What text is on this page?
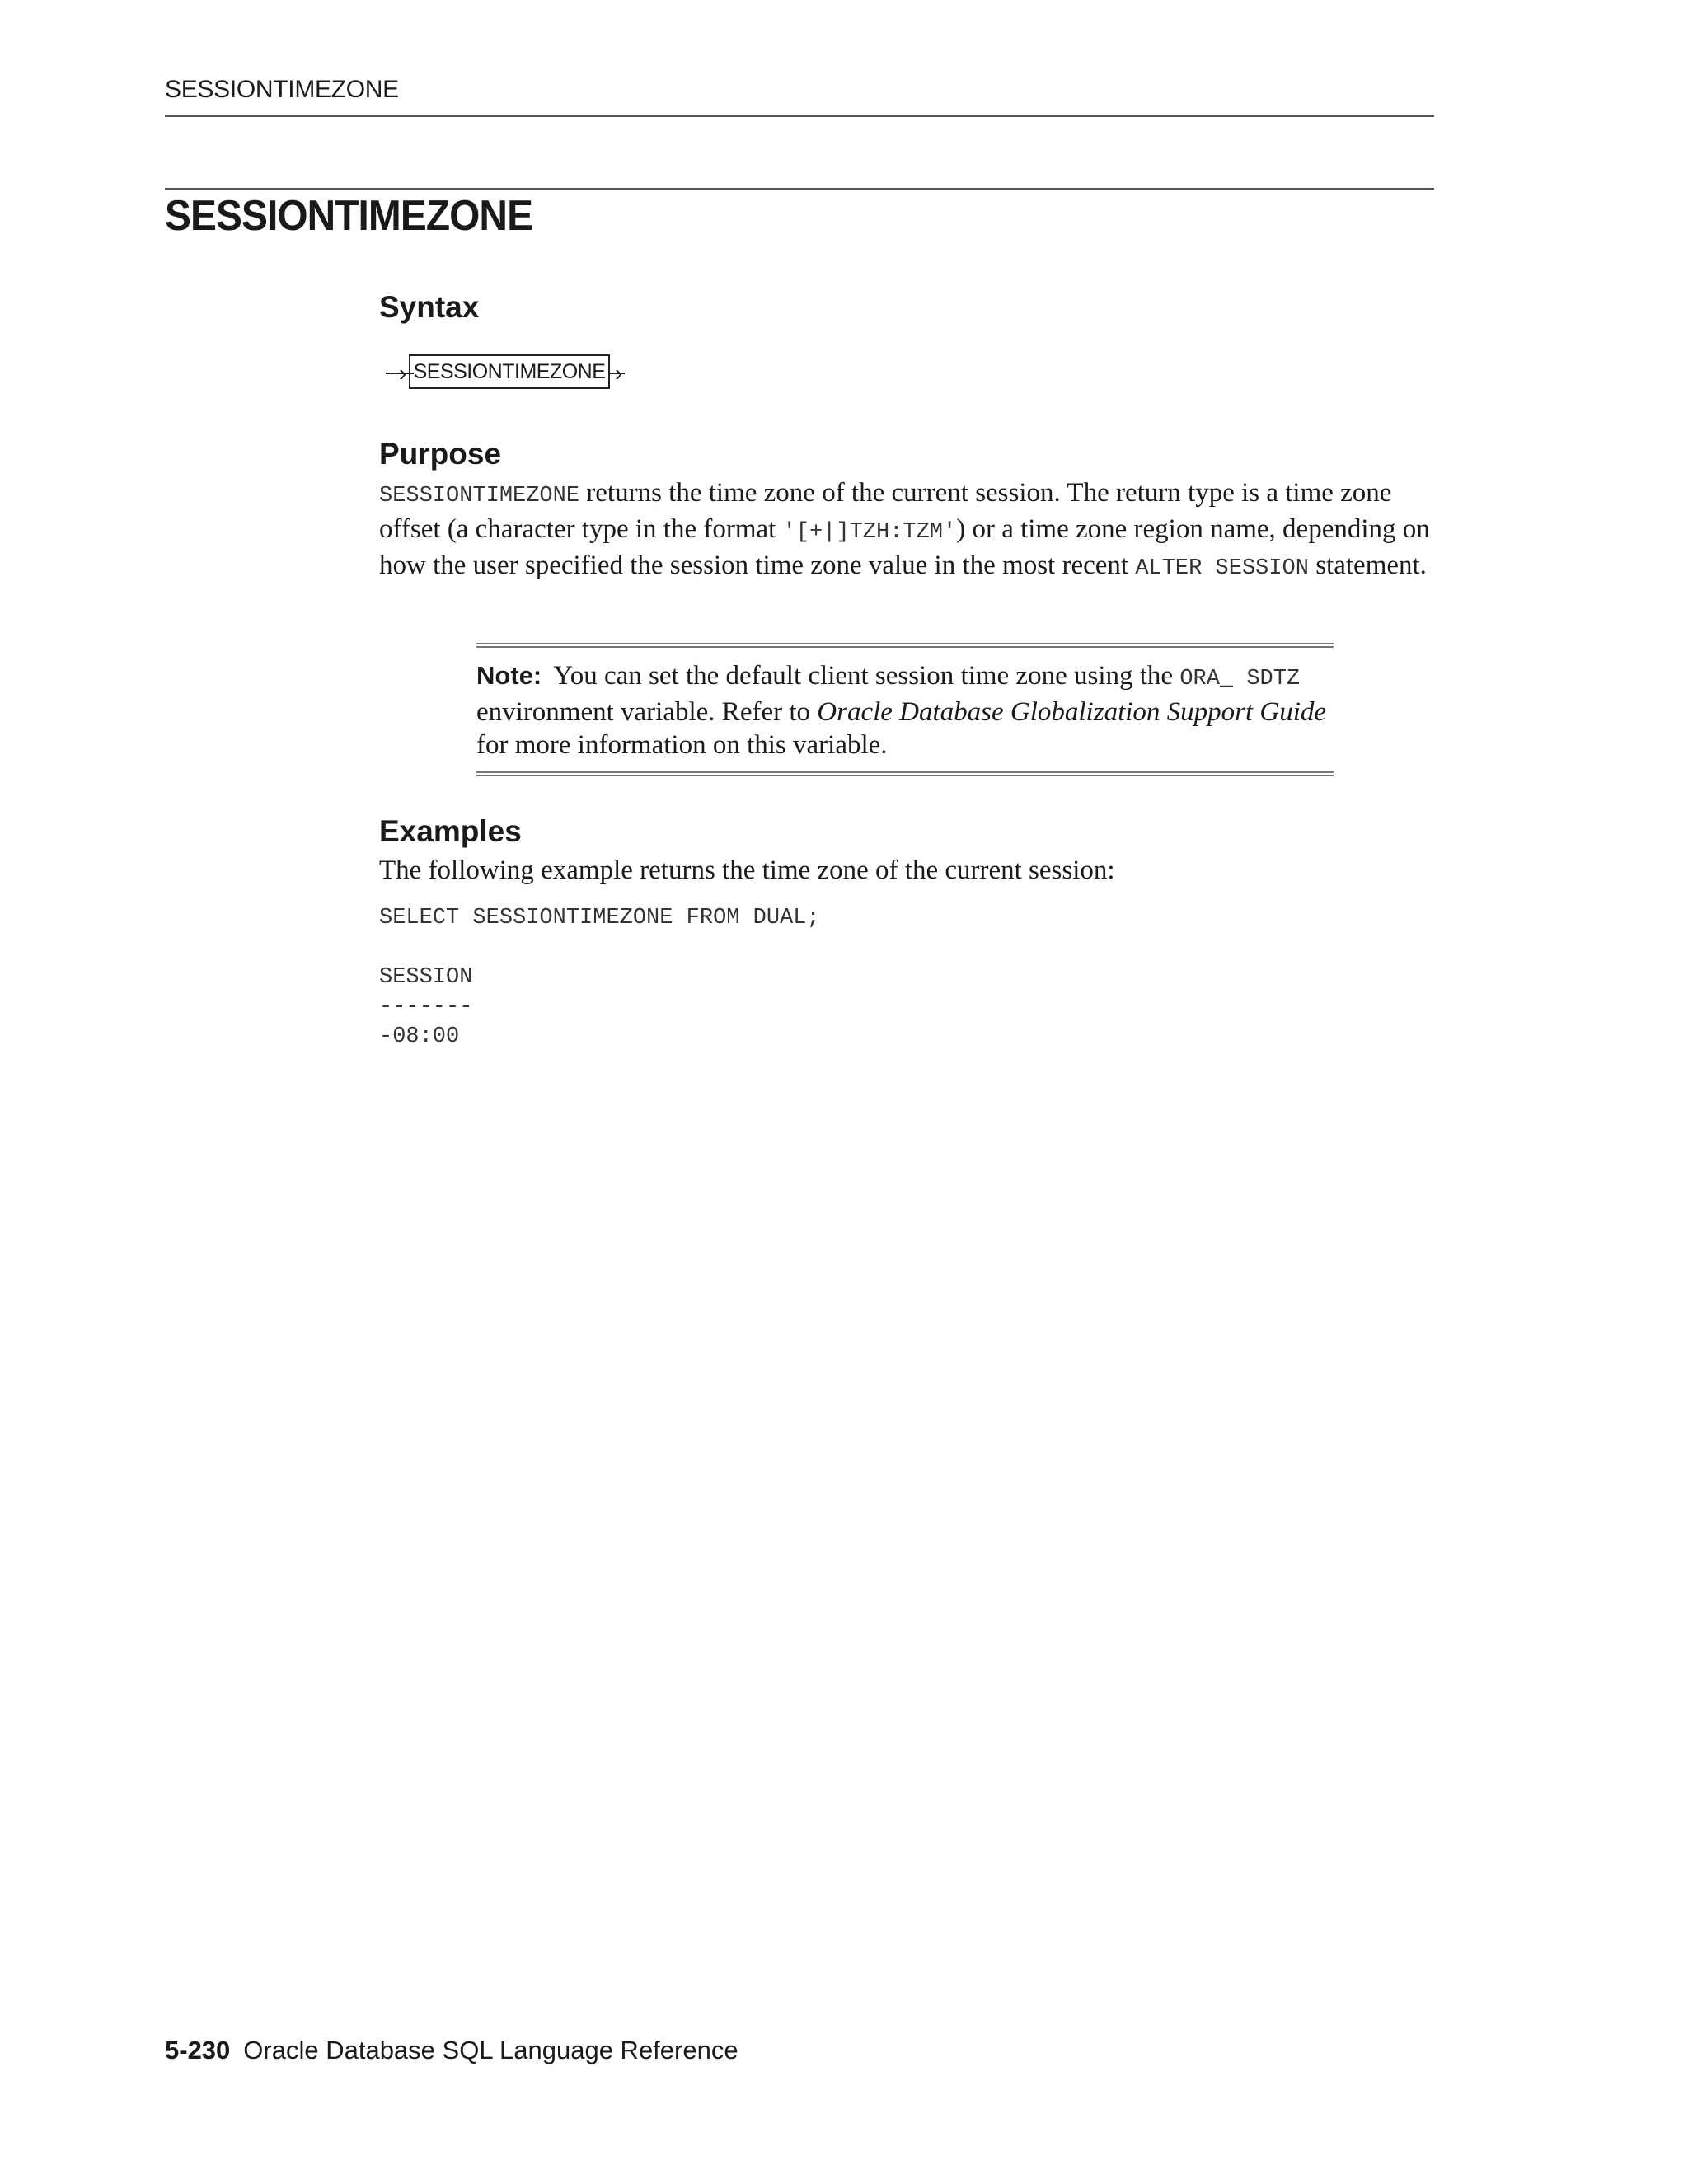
SESSIONTIMEZONE
SESSIONTIMEZONE
Syntax
› SESSIONTIMEZONE ›
Purpose

SESSIONTIMEZONE returns the time zone of the current session. The return type is a time zone offset (a character type in the format '[+|]TZH:TZM') or a time zone region name, depending on how the user specified the session time zone value in the most recent ALTER SESSION statement.

Note: You can set the default client session time zone using the ORA_ SDTZ environment variable. Refer to Oracle Database Globalization Support Guide for more information on this variable.

Examples

The following example returns the time zone of the current session:

SELECT SESSIONTIMEZONE FROM DUAL;

SESSION
-------
-08:00
5-230 Oracle Database SQL Language Reference
